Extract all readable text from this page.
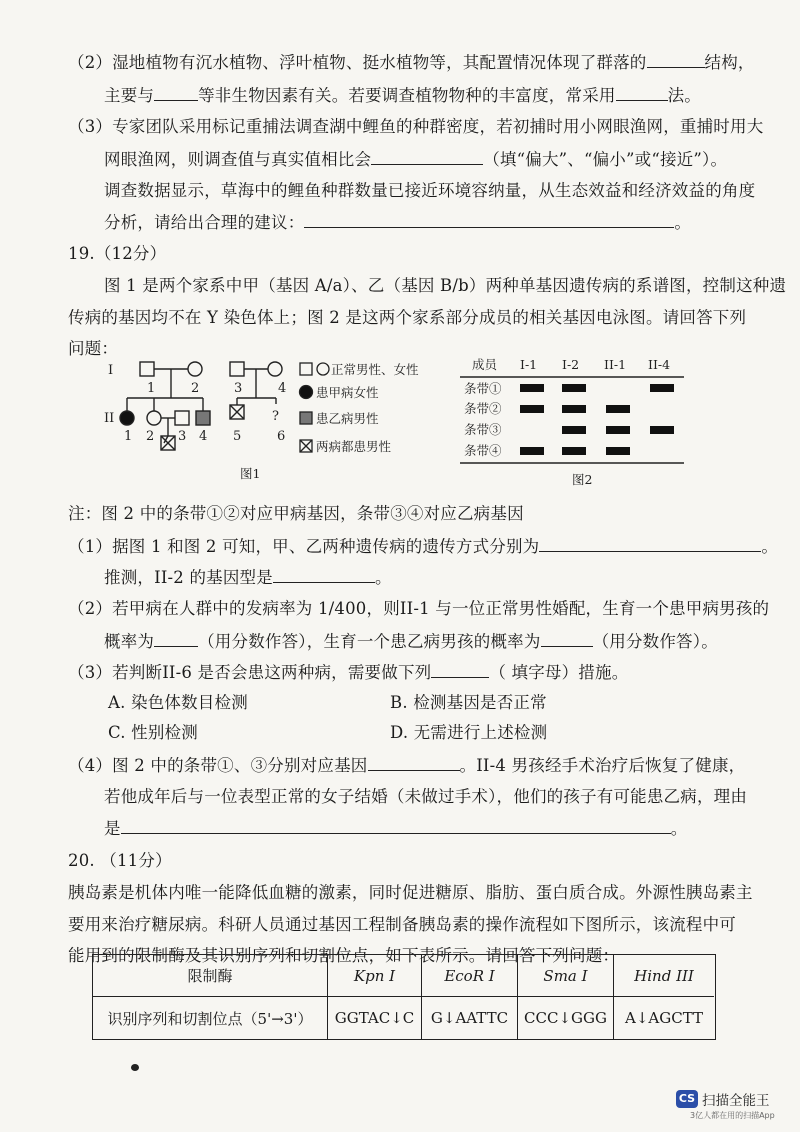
（2）湿地植物有沉水植物、浮叶植物、挺水植物等，其配置情况体现了群落的	结构，
主要与	等非生物因素有关。若要调查植物物种的丰富度，常采用	法。
（3）专家团队采用标记重捕法调查湖中鲤鱼的种群密度，若初捕时用小网眼渔网，重捕时用大
网眼渔网，则调查值与真实值相比会	（填“偏大”、“偏小”或“接近”）。
调查数据显示，草海中的鲤鱼种群数量已接近环境容纳量，从生态效益和经济效益的角度
分析，请给出合理的建议：	。
19.（12分）
图 1 是两个家系中甲（基因 A/a）、乙（基因 B/b）两种单基因遗传病的系谱图，控制这种遗
传病的基因均不在 Y 染色体上；图 2 是这两个家系部分成员的相关基因电泳图。请回答下列
问题：
I
II
1	2	3	4
1 2 3 4 5
?
6
正常男性、女性
患甲病女性
患乙病男性
两病都患男性
图1
成员 I-1 I-2 II-1 II-4
条带①
条带②
条带③
条带④
图2
注：图 2 中的条带①②对应甲病基因，条带③④对应乙病基因
（1）据图 1 和图 2 可知，甲、乙两种遗传病的遗传方式分别为	。
推测，II-2 的基因型是	。
（2）若甲病在人群中的发病率为 1/400，则II-1 与一位正常男性婚配，生育一个患甲病男孩的
概率为	（用分数作答），生育一个患乙病男孩的概率为	（用分数作答）。
（3）若判断II-6 是否会患这两种病，需要做下列	（ 填字母）措施。
A. 染色体数目检测	B. 检测基因是否正常
C. 性别检测	D. 无需进行上述检测
（4）图 2 中的条带①、③分别对应基因	。II-4 男孩经手术治疗后恢复了健康，
若他成年后与一位表型正常的女子结婚（未做过手术），他们的孩子有可能患乙病，理由
是	。
20. （11分）
胰岛素是机体内唯一能降低血糖的激素，同时促进糖原、脂肪、蛋白质合成。外源性胰岛素主
要用来治疗糖尿病。科研人员通过基因工程制备胰岛素的操作流程如下图所示，该流程中可
能用到的限制酶及其识别序列和切割位点，如下表所示。请回答下列问题：
限制酶	Kpn I	EcoR I	Sma I	Hind III
识别序列和切割位点（5'→3'）	GGTAC↓C	G↓AATTC	CCC↓GGG	A↓AGCTT
CS 扫描全能王
3亿人都在用的扫描App
